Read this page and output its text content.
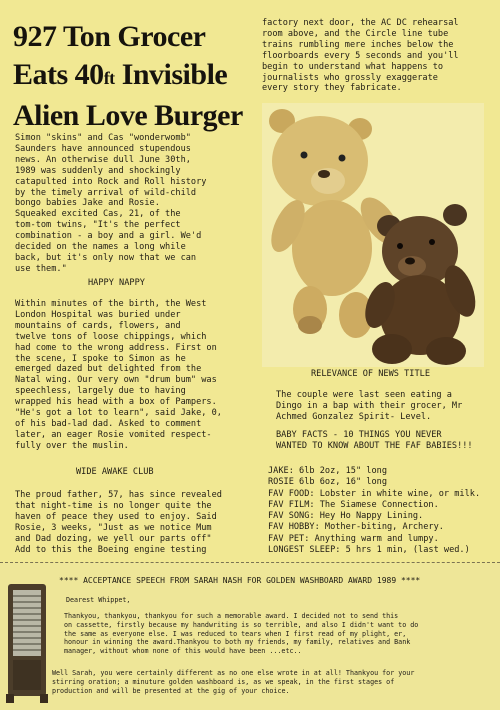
927 Ton Grocer
Eats 40ft Invisible
Alien Love Burger
Simon "skins" and Cas "wonderwomb"
Saunders have announced stupendous
news. An otherwise dull June 30th,
1989 was suddenly and shockingly
catapulted into Rock and Roll history
by the timely arrival of wild-child
bongo babies Jake and Rosie.
Squeaked excited Cas, 21, of the
tom-tom twins, "It's the perfect
combination - a boy and a girl. We'd
decided on the names a long while
back, but it's only now that we can
use them."
HAPPY NAPPY
Within minutes of the birth, the West
London Hospital was buried under
mountains of cards, flowers, and
twelve tons of loose chippings, which
had come to the wrong address. First on
the scene, I spoke to Simon as he
emerged dazed but delighted from the
Natal wing. Our very own "drum bum" was
speechless, largely due to having
wrapped his head with a box of Pampers.
"He's got a lot to learn", said Jake, 0,
of his bad-lad dad. Asked to comment
later, an eager Rosie vomited respect-
fully over the muslin.
WIDE AWAKE CLUB
The proud father, 57, has since revealed
that night-time is no longer quite the
haven of peace they used to enjoy. Said
Rosie, 3 weeks, "Just as we notice Mum
and Dad dozing, we yell our parts off"
Add to this the Boeing engine testing
factory next door, the AC DC rehearsal
room above, and the Circle line tube
trains rumbling mere inches below the
floorboards every 5 seconds and you'll
begin to understand what happens to
journalists who grossly exaggerate
every story they fabricate.
RELEVANCE OF NEWS TITLE
The couple were last seen eating a
Dingo in a bap with their grocer, Mr
Achmed Gonzalez Spirit- Level.
BABY FACTS - 10 THINGS YOU NEVER
WANTED TO KNOW ABOUT THE FAF BABIES!!!
JAKE: 6lb 2oz, 15" long
ROSIE 6lb 6oz, 16" long
FAV FOOD: Lobster in white wine, or milk.
FAV FILM: The Siamese Connection.
FAV SONG: Hey Ho Nappy Lining.
FAV HOBBY: Mother-biting, Archery.
FAV PET: Anything warm and lumpy.
LONGEST SLEEP: 5 hrs 1 min, (last wed.)
**** ACCEPTANCE SPEECH FROM SARAH NASH FOR GOLDEN WASHBOARD AWARD 1989 ****
Dearest Whippet,
Thankyou, thankyou, thankyou for such a memorable award. I decided not to send this
on cassette, firstly because my handwriting is so terrible, and also I didn't want to do
the same as everyone else. I was reduced to tears when I first read of my plight, er,
honour in winning the award.Thankyou to both my friends, my family, relatives and Bank
manager, without whom none of this would have been ...etc..
Well Sarah, you were certainly different as no one else wrote in at all! Thankyou for your
stirring oration; a minuture golden washboard is, as we speak, in the first stages of
production and will be presented at the gig of your choice.
